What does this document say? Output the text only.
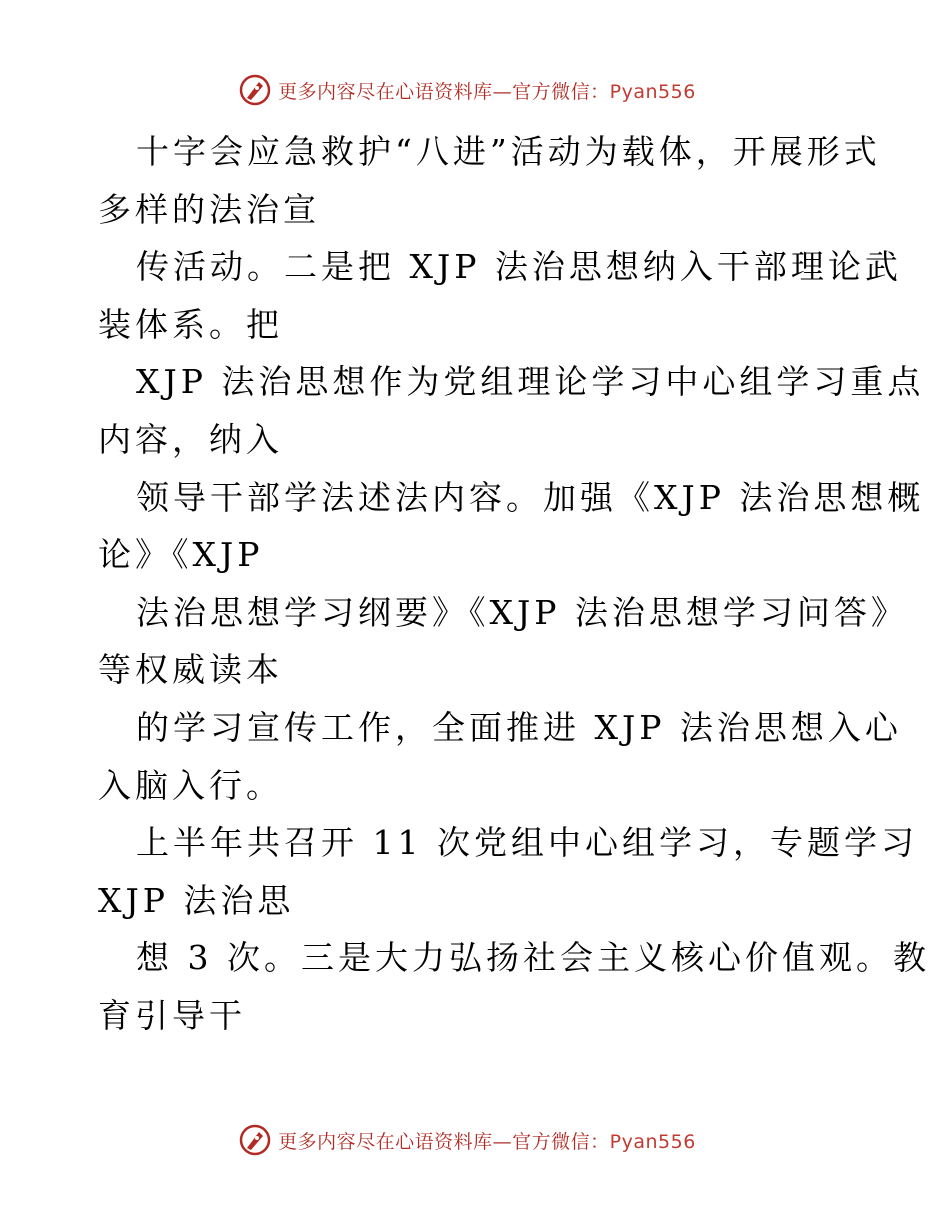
更多内容尽在心语资料库—官方微信：Pyan556
十字会应急救护“八进”活动为载体，开展形式
多样的法治宣
传活动。二是把 XJP 法治思想纳入干部理论武
装体系。把
XJP 法治思想作为党组理论学习中心组学习重点
内容，纳入
领导干部学法述法内容。加强《XJP 法治思想概
论》《XJP
法治思想学习纲要》《XJP 法治思想学习问答》
等权威读本
的学习宣传工作，全面推进 XJP 法治思想入心
入脑入行。
上半年共召开 11 次党组中心组学习，专题学习
XJP 法治思
想 3 次。三是大力弘扬社会主义核心价值观。教
育引导干
更多内容尽在心语资料库—官方微信：Pyan556
